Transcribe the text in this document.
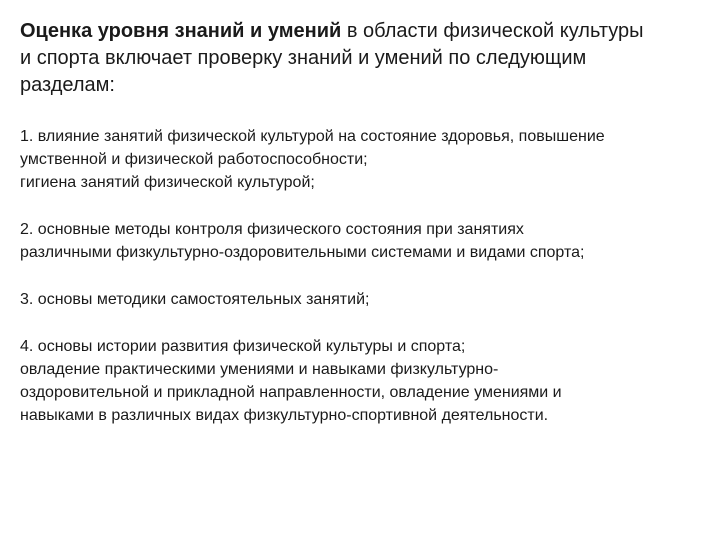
Оценка уровня знаний и умений в области физической культуры
и спорта включает проверку знаний и умений по следующим
разделам:

1. влияние занятий физической культурой на состояние здоровья, повышение
умственной и физической работоспособности;
гигиена занятий физической культурой;

2. основные методы контроля физического состояния при занятиях
различными физкультурно-оздоровительными системами и видами спорта;

3. основы методики самостоятельных занятий;

4. основы истории развития физической культуры и спорта;
овладение практическими умениями и навыками физкультурно-
оздоровительной и прикладной направленности, овладение умениями и
навыками в различных видах физкультурно-спортивной деятельности.
